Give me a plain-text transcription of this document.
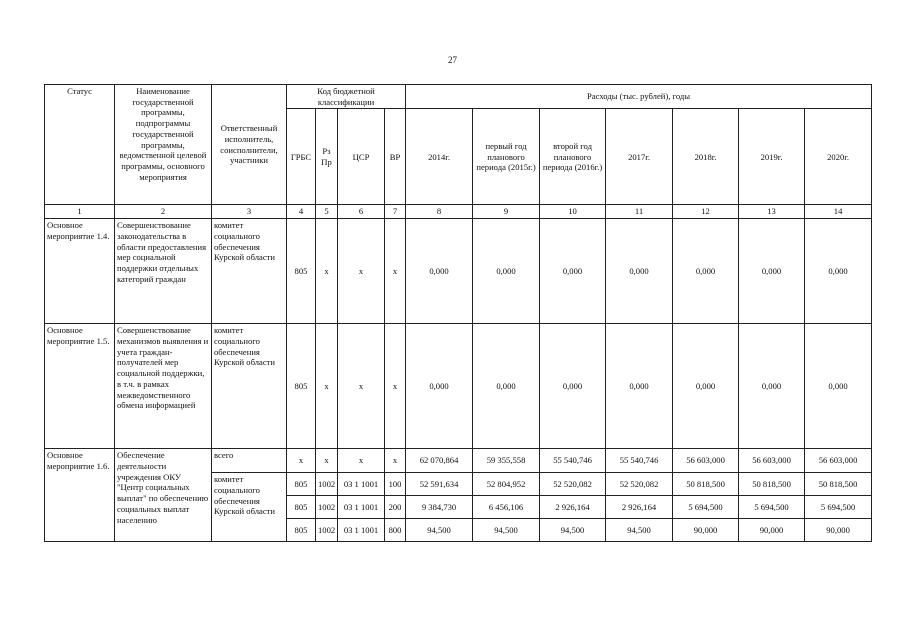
27
Статус	Наименование государственной программы, подпрограммы государственной программы, ведомственной целевой программы, основного мероприятия	Ответственный исполнитель, соисполнители, участники	Код бюджетной классификации				Расходы (тыс. рублей), годы						
			ГРБС	Рз Пр	ЦСР	ВР	2014г.	первый год планового периода (2015г.)	второй год планового периода (2016г.)	2017г.	2018г.	2019г.	2020г.

1	2	3	4	5	6	7	8	9	10	11	12	13	14
Основное мероприятие 1.4.	Совершенствование законодательства в области предоставления мер социальной поддержки отдельных категорий граждан	комитет социального обеспечения Курской области	805	x	x	x	0,000	0,000	0,000	0,000	0,000	0,000	0,000
Основное мероприятие 1.5.	Совершенствование механизмов выявления и учета граждан-получателей мер социальной поддержки, в т.ч. в рамках межведомственного обмена информацией	комитет социального обеспечения Курской области	805	x	x	x	0,000	0,000	0,000	0,000	0,000	0,000	0,000
Основное мероприятие 1.6.	Обеспечение деятельности учреждения ОКУ "Центр социальных выплат" по обеспечению социальных выплат населению	всего	x	x	x	x	62 070,864	59 355,558	55 540,746	55 540,746	56 603,000	56 603,000	56 603,000
		комитет социального обеспечения Курской области	805	1002	03 1 1001	100	52 591,634	52 804,952	52 520,082	52 520,082	50 818,500	50 818,500	50 818,500
			805	1002	03 1 1001	200	9 384,730	6 456,106	2 926,164	2 926,164	5 694,500	5 694,500	5 694,500
			805	1002	03 1 1001	800	94,500	94,500	94,500	94,500	90,000	90,000	90,000
